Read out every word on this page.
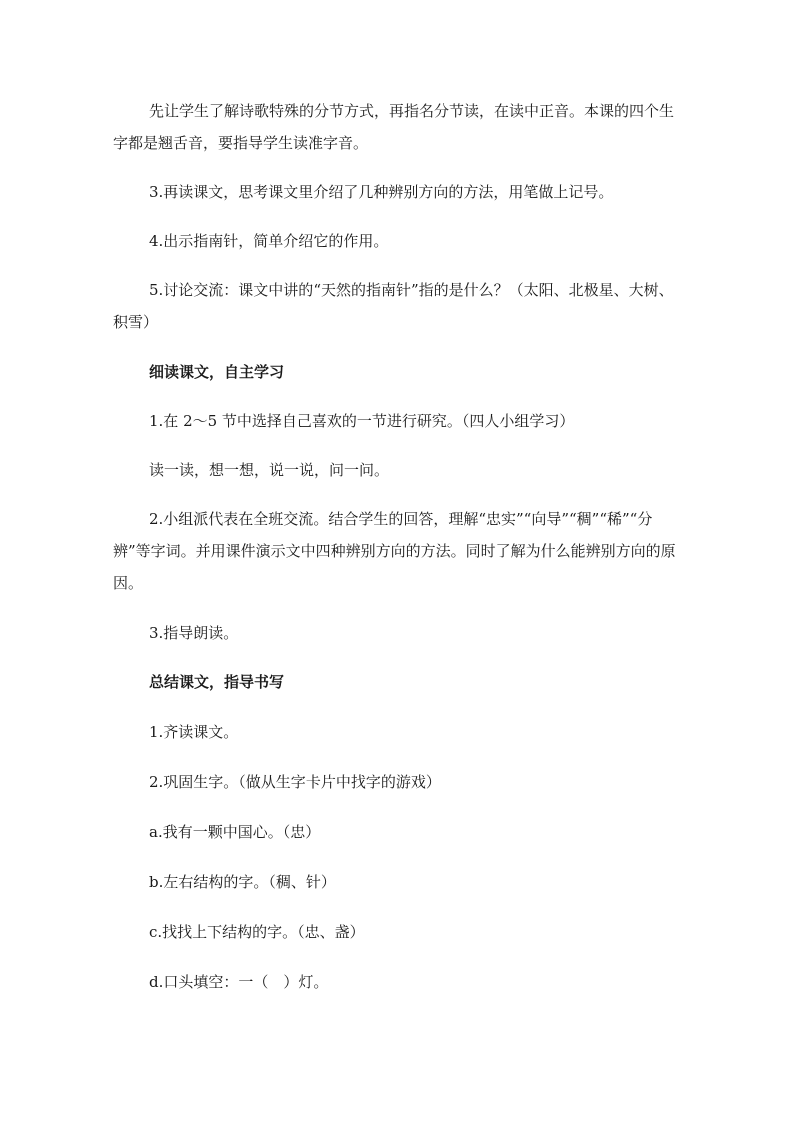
先让学生了解诗歌特殊的分节方式，再指名分节读，在读中正音。本课的四个生字都是翘舌音，要指导学生读准字音。

3.再读课文，思考课文里介绍了几种辨别方向的方法，用笔做上记号。

4.出示指南针，简单介绍它的作用。

5.讨论交流：课文中讲的“天然的指南针”指的是什么？（太阳、北极星、大树、积雪）

细读课文，自主学习

1.在 2～5 节中选择自己喜欢的一节进行研究。（四人小组学习）

读一读，想一想，说一说，问一问。

2.小组派代表在全班交流。结合学生的回答，理解“忠实”“向导”“稠”“稀”“分辨”等字词。并用课件演示文中四种辨别方向的方法。同时了解为什么能辨别方向的原因。

3.指导朗读。

总结课文，指导书写

1.齐读课文。

2.巩固生字。（做从生字卡片中找字的游戏）

a.我有一颗中国心。（忠）

b.左右结构的字。（稠、针）

c.找找上下结构的字。（忠、盏）

d.口头填空：一（　）灯。
